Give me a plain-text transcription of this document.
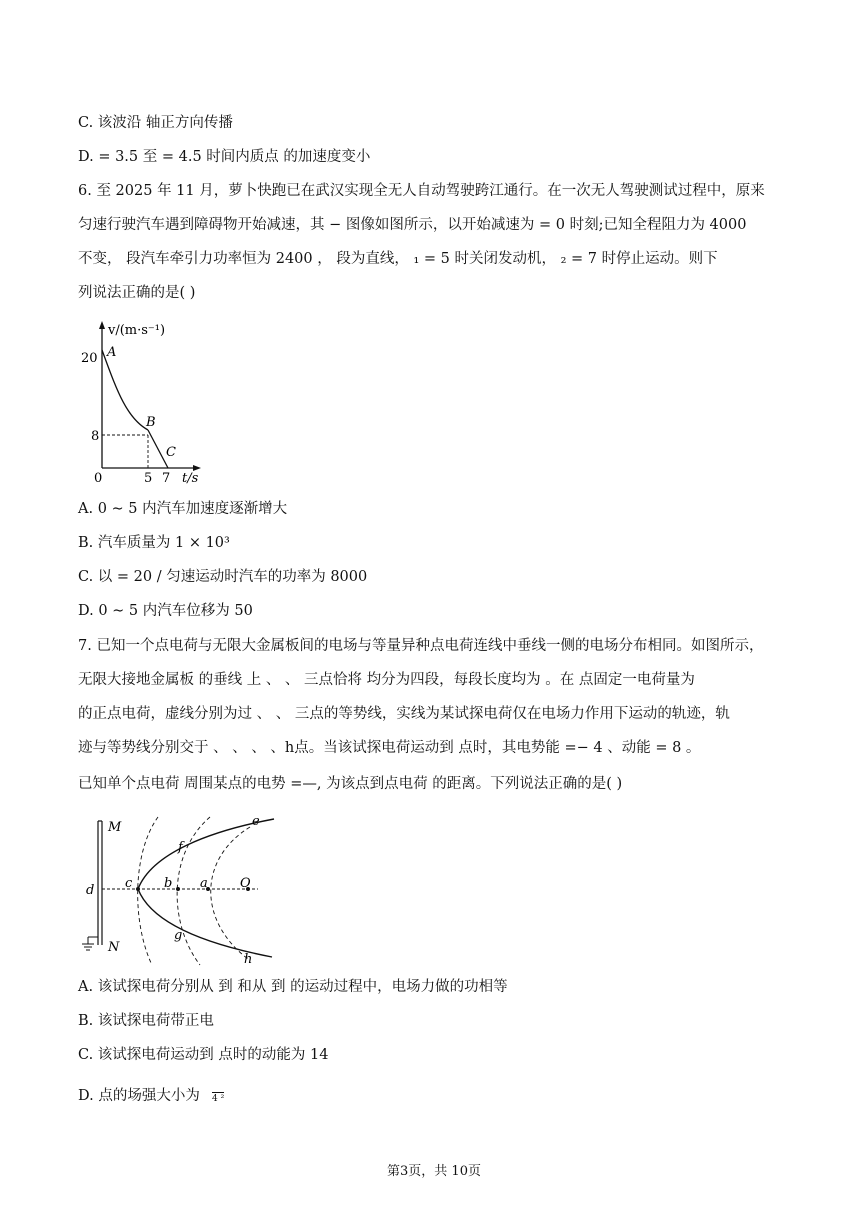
C. 该波沿 轴正方向传播
D. = 3.5 至 = 4.5 时间内质点 的加速度变小
6. 至 2025 年 11 月，萝卜快跑已在武汉实现全无人自动驾驶跨江通行。在一次无人驾驶测试过程中，原来
匀速行驶汽车遇到障碍物开始减速，其 − 图像如图所示，以开始减速为 = 0 时刻;已知全程阻力为 4000
不变， 段汽车牵引力功率恒为 2400 ， 段为直线， ₁ = 5 时关闭发动机， ₂ = 7 时停止运动。则下
列说法正确的是( )
A. 0 ∼ 5 内汽车加速度逐渐增大
B. 汽车质量为 1 × 10³
C. 以 = 20 / 匀速运动时汽车的功率为 8000
D. 0 ∼ 5 内汽车位移为 50
7. 已知一个点电荷与无限大金属板间的电场与等量异种点电荷连线中垂线一侧的电场分布相同。如图所示，
无限大接地金属板 的垂线 上 、 、 三点恰将 均分为四段，每段长度均为 。在 点固定一电荷量为
的正点电荷，虚线分别为过 、 、 三点的等势线，实线为某试探电荷仅在电场力作用下运动的轨迹，轨
迹与等势线分别交于 、 、 、 、h点。当该试探电荷运动到 点时，其电势能 =− 4 、动能 = 8 。
已知单个点电荷 周围某点的电势 =—, 为该点到点电荷 的距离。下列说法正确的是( )
A. 该试探电荷分别从 到 和从 到 的运动过程中，电场力做的功相等
B. 该试探电荷带正电
C. 该试探电荷运动到 点时的动能为 14
D. 点的场强大小为 4 ²
v/(m·s⁻¹)
20
8
0	5 7 t/s
A
B
C
M
N
d c b a O
e
f
g
h
第3页，共 10页
